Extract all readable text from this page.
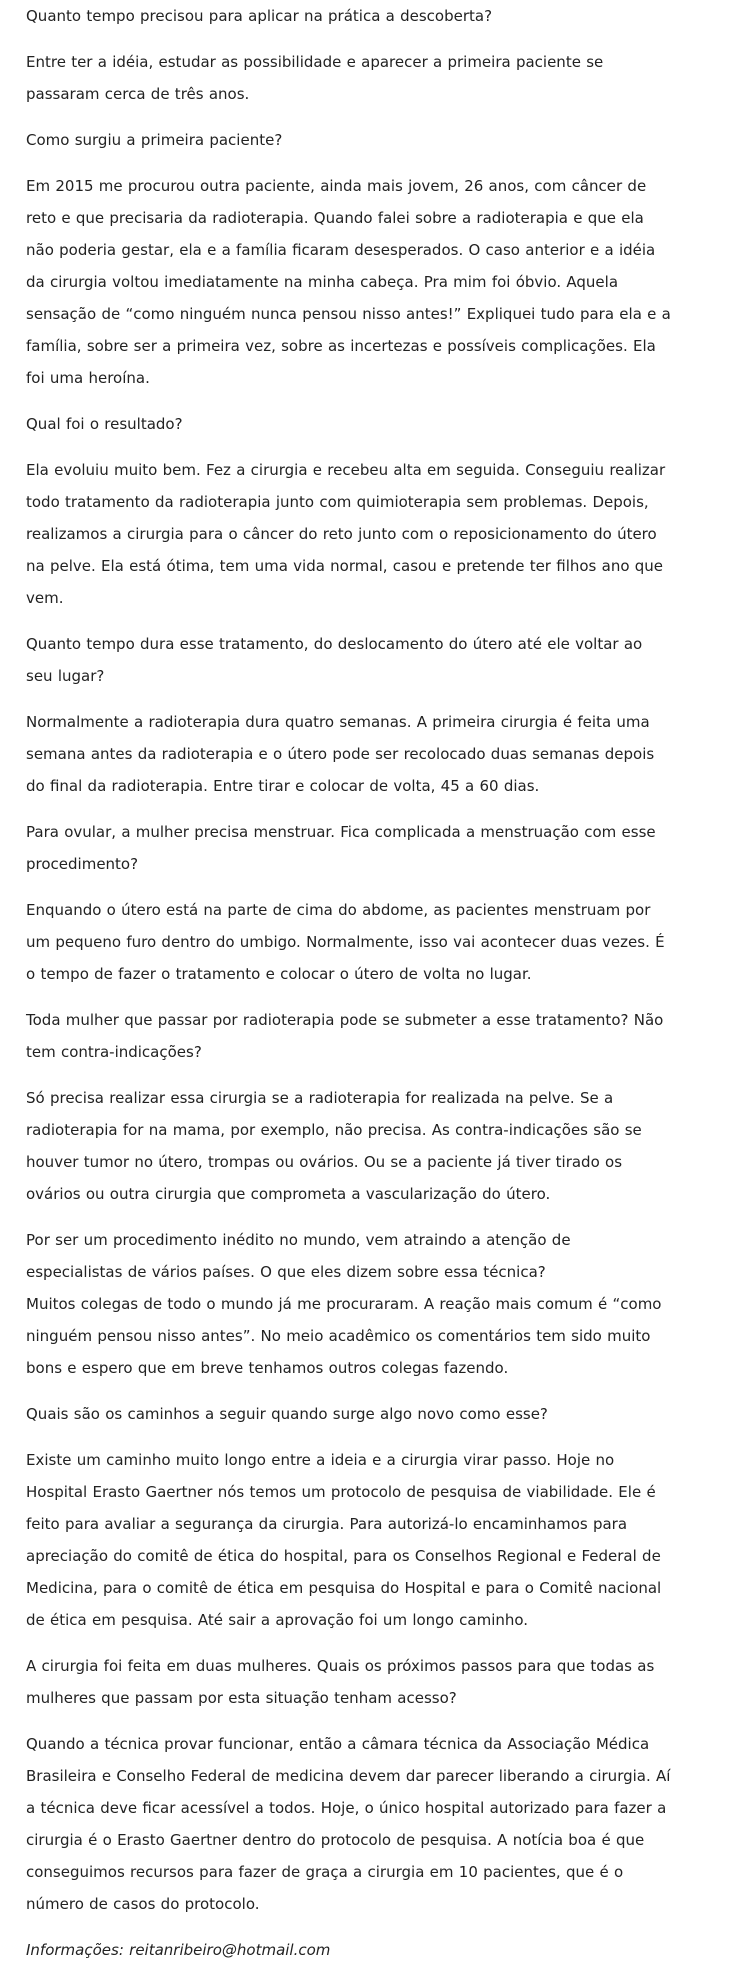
Quanto tempo precisou para aplicar na prática a descoberta?

Entre ter a idéia, estudar as possibilidade e aparecer a primeira paciente se passaram cerca de três anos.

Como surgiu a primeira paciente?

Em 2015 me procurou outra paciente, ainda mais jovem, 26 anos, com câncer de reto e que precisaria da radioterapia. Quando falei sobre a radioterapia e que ela não poderia gestar, ela e a família ficaram desesperados. O caso anterior e a idéia da cirurgia voltou imediatamente na minha cabeça. Pra mim foi óbvio. Aquela sensação de “como ninguém nunca pensou nisso antes!” Expliquei tudo para ela e a família, sobre ser a primeira vez, sobre as incertezas e possíveis complicações. Ela foi uma heroína.

Qual foi o resultado?

Ela evoluiu muito bem. Fez a cirurgia e recebeu alta em seguida. Conseguiu realizar todo tratamento da radioterapia junto com quimioterapia sem problemas. Depois, realizamos a cirurgia para o câncer do reto junto com o reposicionamento do útero na pelve. Ela está ótima, tem uma vida normal, casou e pretende ter filhos ano que vem.

Quanto tempo dura esse tratamento, do deslocamento do útero até ele voltar ao seu lugar?

Normalmente a radioterapia dura quatro semanas. A primeira cirurgia é feita uma semana antes da radioterapia e o útero pode ser recolocado duas semanas depois do final da radioterapia. Entre tirar e colocar de volta, 45 a 60 dias.

Para ovular, a mulher precisa menstruar. Fica complicada a menstruação com esse procedimento?

Enquando o útero está na parte de cima do abdome, as pacientes menstruam por um pequeno furo dentro do umbigo. Normalmente, isso vai acontecer duas vezes. É o tempo de fazer o tratamento e colocar o útero de volta no lugar.

Toda mulher que passar por radioterapia pode se submeter a esse tratamento? Não tem contra-indicações?

Só precisa realizar essa cirurgia se a radioterapia for realizada na pelve. Se a radioterapia for na mama, por exemplo, não precisa. As contra-indicações são se houver tumor no útero, trompas ou ovários. Ou se a paciente já tiver tirado os ovários ou outra cirurgia que comprometa a vascularização do útero.

Por ser um procedimento inédito no mundo, vem atraindo a atenção de especialistas de vários países. O que eles dizem sobre essa técnica?

Muitos colegas de todo o mundo já me procuraram. A reação mais comum é “como ninguém pensou nisso antes”. No meio acadêmico os comentários tem sido muito bons e espero que em breve tenhamos outros colegas fazendo.

Quais são os caminhos a seguir quando surge algo novo como esse?

Existe um caminho muito longo entre a ideia e a cirurgia virar passo. Hoje no Hospital Erasto Gaertner nós temos um protocolo de pesquisa de viabilidade. Ele é feito para avaliar a segurança da cirurgia. Para autorizá-lo encaminhamos para apreciação do comitê de ética do hospital, para os Conselhos Regional e Federal de Medicina, para o comitê de ética em pesquisa do Hospital e para o Comitê nacional de ética em pesquisa. Até sair a aprovação foi um longo caminho.

A cirurgia foi feita em duas mulheres. Quais os próximos passos para que todas as mulheres que passam por esta situação tenham acesso?

Quando a técnica provar funcionar, então a câmara técnica da Associação Médica Brasileira e Conselho Federal de medicina devem dar parecer liberando a cirurgia. Aí a técnica deve ficar acessível a todos. Hoje, o único hospital autorizado para fazer a cirurgia é o Erasto Gaertner dentro do protocolo de pesquisa. A notícia boa é que conseguimos recursos para fazer de graça a cirurgia em 10 pacientes, que é o número de casos do protocolo.

Informações: reitanribeiro@hotmail.com
